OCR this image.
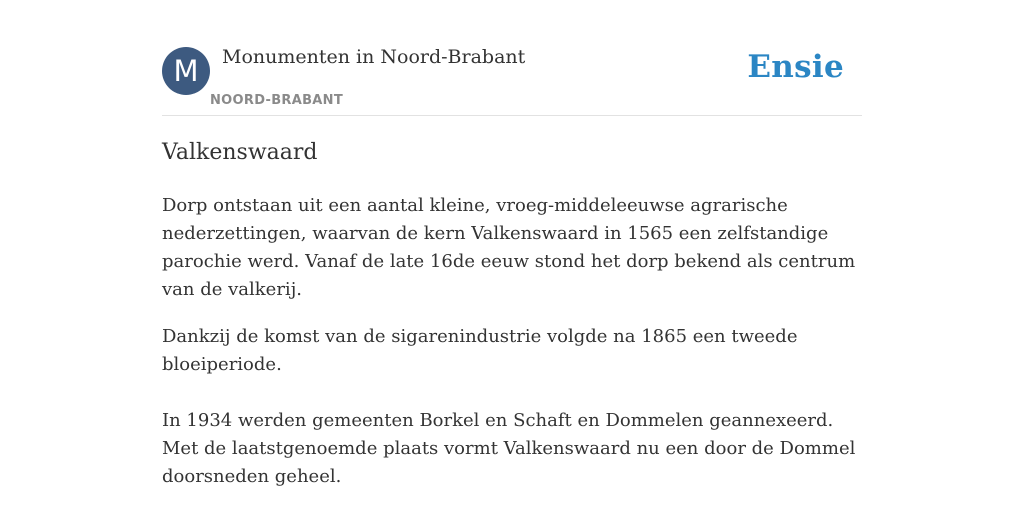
M	Monumenten in Noord-Brabant
NOORD-BRABANT
Ensie
Valkenswaard

Dorp ontstaan uit een aantal kleine, vroeg-middeleeuwse agrarische nederzettingen, waarvan de kern Valkenswaard in 1565 een zelfstandige parochie werd. Vanaf de late 16de eeuw stond het dorp bekend als centrum van de valkerij.

Dankzij de komst van de sigarenindustrie volgde na 1865 een tweede bloeiperiode.

In 1934 werden gemeenten Borkel en Schaft en Dommelen geannexeerd. Met de laatstgenoemde plaats vormt Valkenswaard nu een door de Dommel doorsneden geheel.
